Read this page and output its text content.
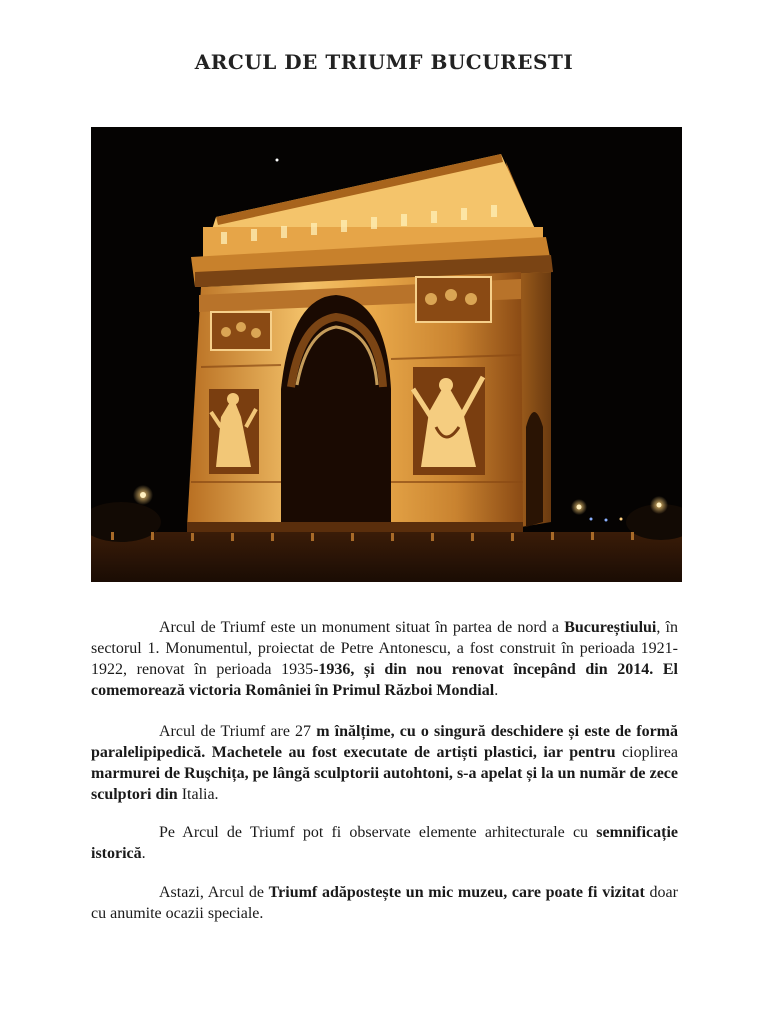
ARCUL DE TRIUMF BUCURESTI

Arcul de Triumf este un monument situat în partea de nord a Bucureștiului, în sectorul 1. Monumentul, proiectat de Petre Antonescu, a fost construit în perioada 1921-1922, renovat în perioada 1935-1936, și din nou renovat începând din 2014. El comemorează victoria României în Primul Război Mondial.

Arcul de Triumf are 27 m înălțime, cu o singură deschidere și este de formă paralelipipedică. Machetele au fost executate de artiști plastici, iar pentru cioplirea marmurei de Ruşchița, pe lângă sculptorii autohtoni, s-a apelat și la un număr de zece sculptori din Italia.

Pe Arcul de Triumf pot fi observate elemente arhitecturale cu semnificație istorică.

Astazi, Arcul de Triumf adăpostește un mic muzeu, care poate fi vizitat doar cu anumite ocazii speciale.
